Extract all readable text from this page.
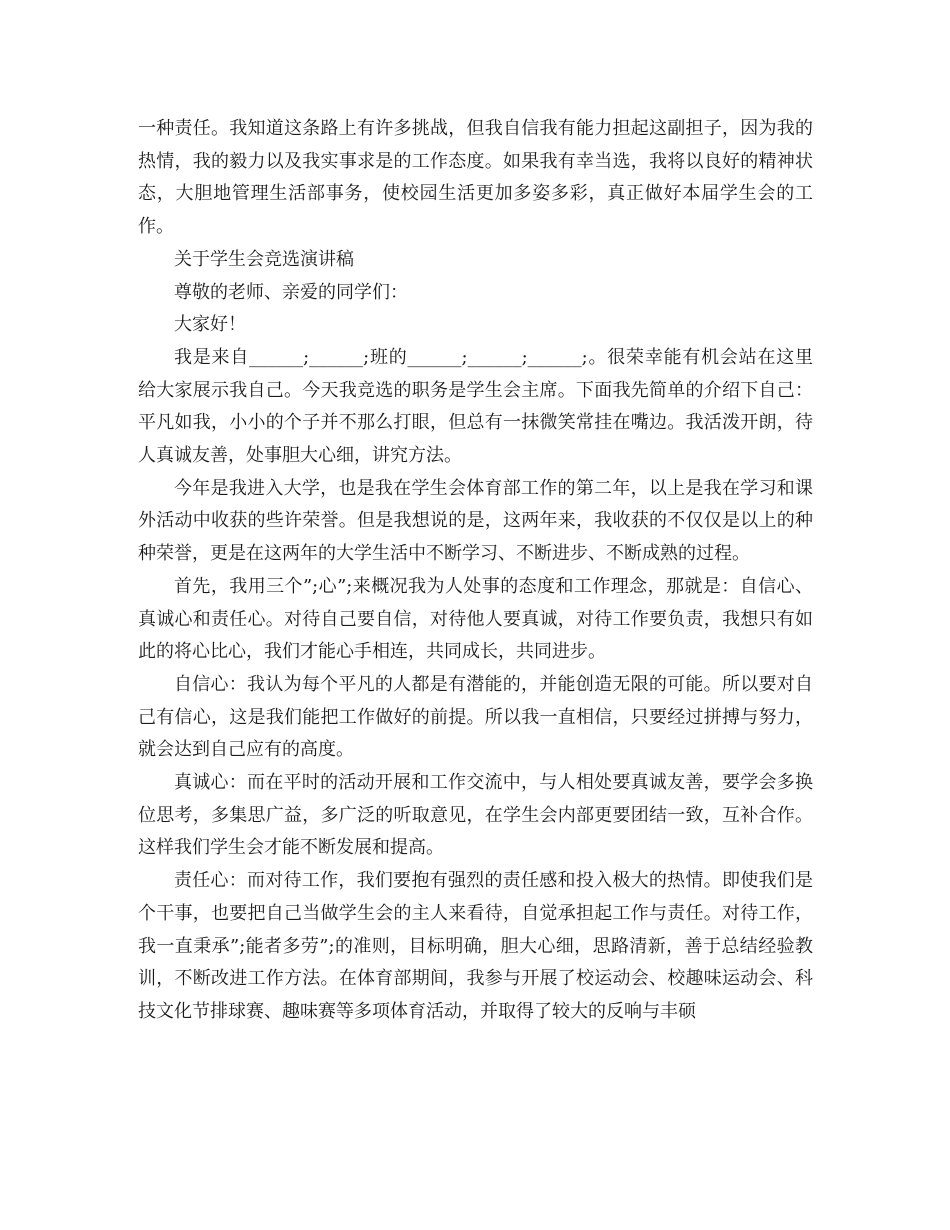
一种责任。我知道这条路上有许多挑战，但我自信我有能力担起这副担子，因为我的热情，我的毅力以及我实事求是的工作态度。如果我有幸当选，我将以良好的精神状态，大胆地管理生活部事务，使校园生活更加多姿多彩，真正做好本届学生会的工作。

关于学生会竞选演讲稿

尊敬的老师、亲爱的同学们：

大家好！

我是来自______;______;班的______;______;______;。很荣幸能有机会站在这里给大家展示我自己。今天我竞选的职务是学生会主席。下面我先简单的介绍下自己：平凡如我，小小的个子并不那么打眼，但总有一抹微笑常挂在嘴边。我活泼开朗，待人真诚友善，处事胆大心细，讲究方法。

今年是我进入大学，也是我在学生会体育部工作的第二年，以上是我在学习和课外活动中收获的些许荣誉。但是我想说的是，这两年来，我收获的不仅仅是以上的种种荣誉，更是在这两年的大学生活中不断学习、不断进步、不断成熟的过程。

首先，我用三个”;心”;来概况我为人处事的态度和工作理念，那就是：自信心、真诚心和责任心。对待自己要自信，对待他人要真诚，对待工作要负责，我想只有如此的将心比心，我们才能心手相连，共同成长，共同进步。

自信心：我认为每个平凡的人都是有潜能的，并能创造无限的可能。所以要对自己有信心，这是我们能把工作做好的前提。所以我一直相信，只要经过拼搏与努力，就会达到自己应有的高度。

真诚心：而在平时的活动开展和工作交流中，与人相处要真诚友善，要学会多换位思考，多集思广益，多广泛的听取意见，在学生会内部更要团结一致，互补合作。这样我们学生会才能不断发展和提高。

责任心：而对待工作，我们要抱有强烈的责任感和投入极大的热情。即使我们是个干事，也要把自己当做学生会的主人来看待，自觉承担起工作与责任。对待工作，我一直秉承”;能者多劳”;的准则，目标明确，胆大心细，思路清新，善于总结经验教训，不断改进工作方法。在体育部期间，我参与开展了校运动会、校趣味运动会、科技文化节排球赛、趣味赛等多项体育活动，并取得了较大的反响与丰硕
